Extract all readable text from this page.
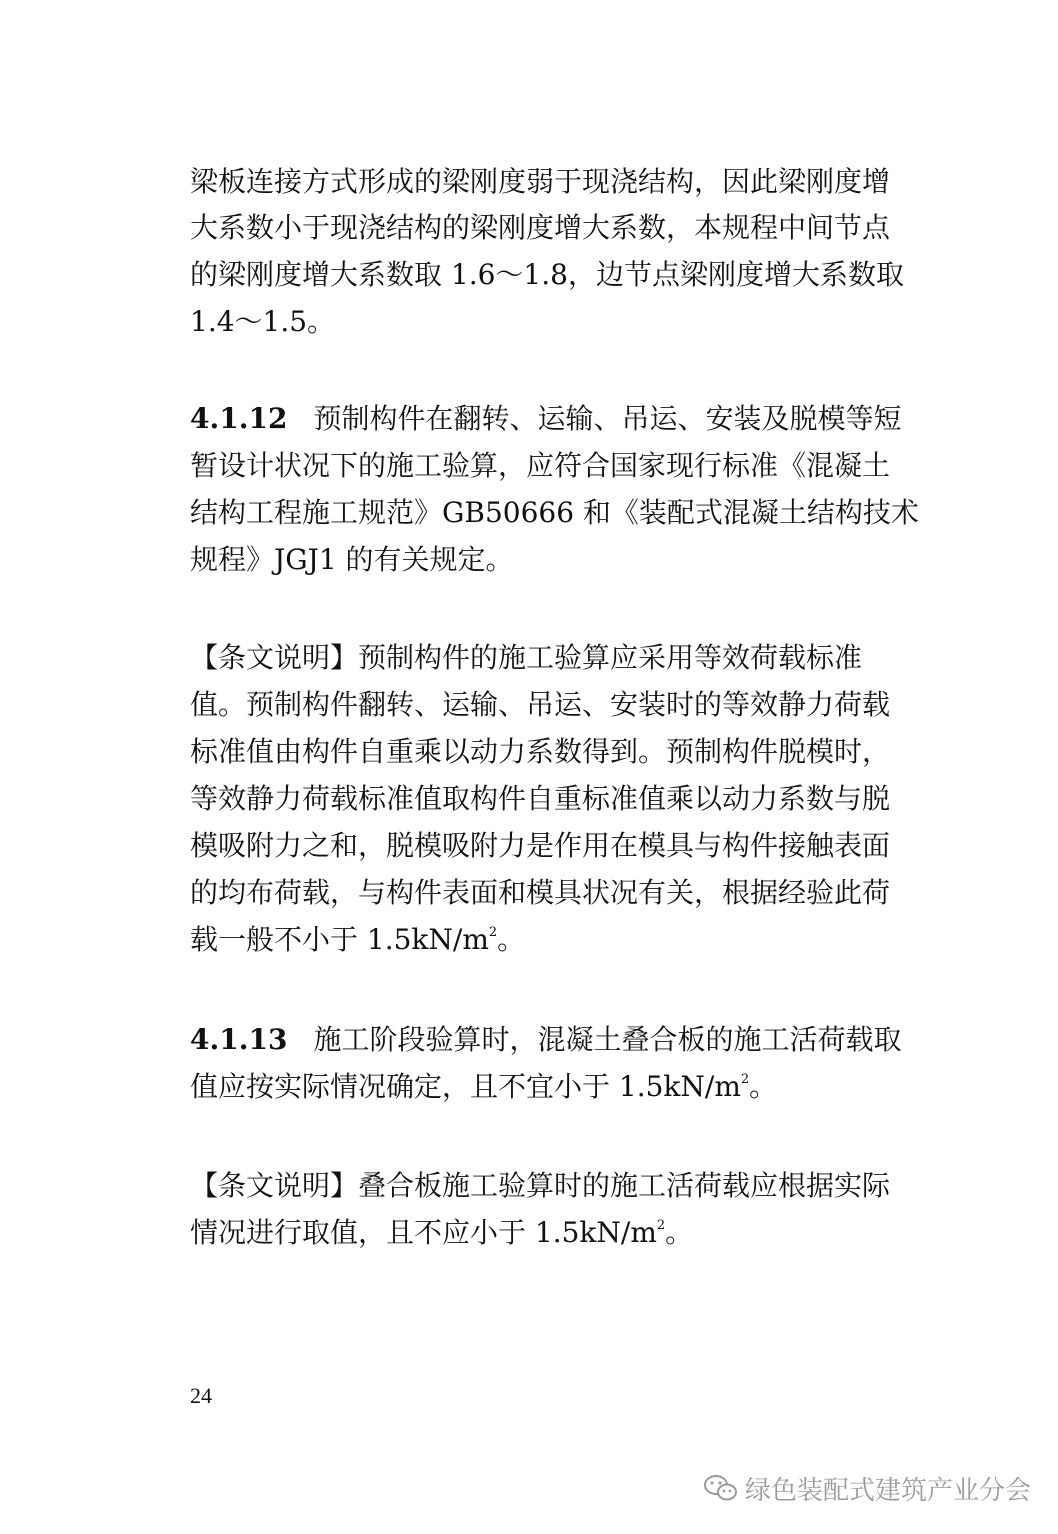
梁板连接方式形成的梁刚度弱于现浇结构，因此梁刚度增
大系数小于现浇结构的梁刚度增大系数，本规程中间节点
的梁刚度增大系数取 1.6～1.8，边节点梁刚度增大系数取
1.4～1.5。
4.1.12 预制构件在翻转、运输、吊运、安装及脱模等短
暂设计状况下的施工验算，应符合国家现行标准《混凝土
结构工程施工规范》GB50666 和《装配式混凝土结构技术
规程》JGJ1 的有关规定。
【条文说明】预制构件的施工验算应采用等效荷载标准
值。预制构件翻转、运输、吊运、安装时的等效静力荷载
标准值由构件自重乘以动力系数得到。预制构件脱模时，
等效静力荷载标准值取构件自重标准值乘以动力系数与脱
模吸附力之和，脱模吸附力是作用在模具与构件接触表面
的均布荷载，与构件表面和模具状况有关，根据经验此荷
载一般不小于 $1.5kN/m^2$。
4.1.13 施工阶段验算时，混凝土叠合板的施工活荷载取
值应按实际情况确定，且不宜小于 $1.5kN/m^2$。
【条文说明】叠合板施工验算时的施工活荷载应根据实际
情况进行取值，且不应小于 $1.5kN/m^2$。
24
绿色装配式建筑产业分会
